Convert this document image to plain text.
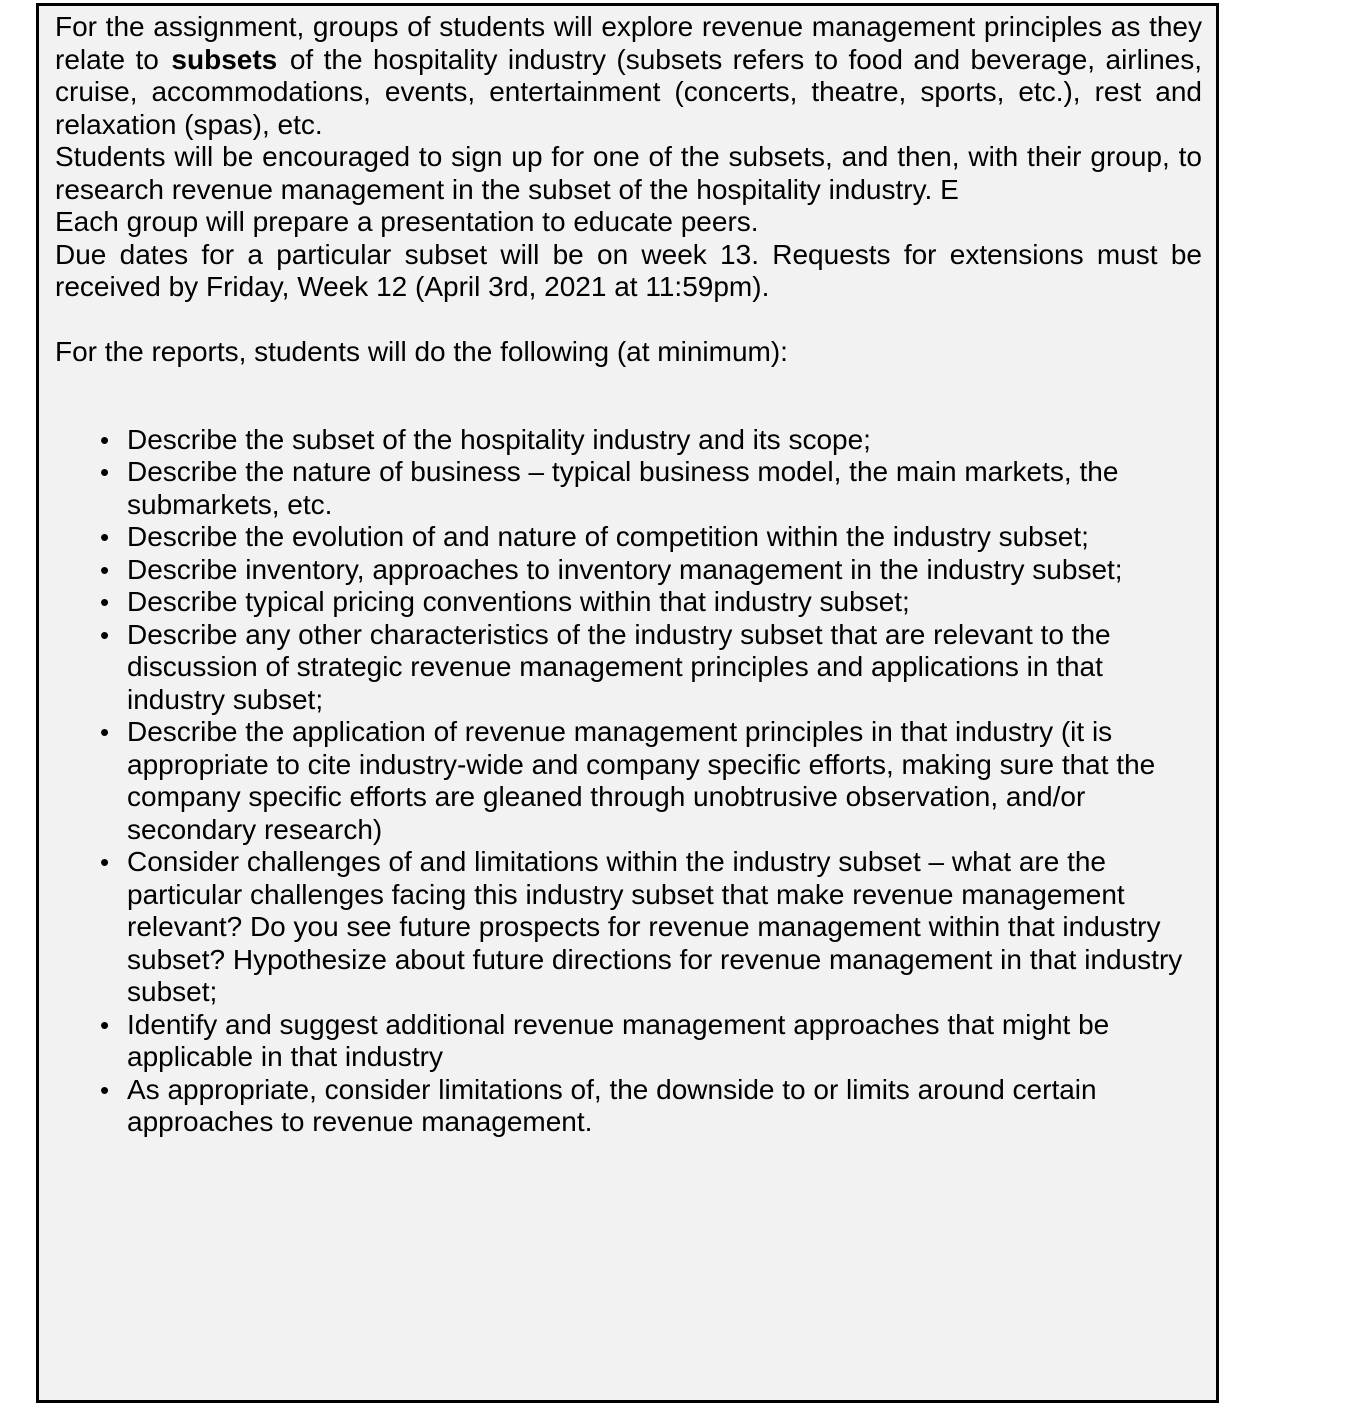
For the assignment, groups of students will explore revenue management principles as they relate to subsets of the hospitality industry (subsets refers to food and beverage, airlines, cruise, accommodations, events, entertainment (concerts, theatre, sports, etc.), rest and relaxation (spas), etc.

Students will be encouraged to sign up for one of the subsets, and then, with their group, to research revenue management in the subset of the hospitality industry. E

Each group will prepare a presentation to educate peers.

Due dates for a particular subset will be on week 13. Requests for extensions must be received by Friday, Week 12 (April 3rd, 2021 at 11:59pm).

For the reports, students will do the following (at minimum):

• Describe the subset of the hospitality industry and its scope;
• Describe the nature of business – typical business model, the main markets, the submarkets, etc.
• Describe the evolution of and nature of competition within the industry subset;
• Describe inventory, approaches to inventory management in the industry subset;
• Describe typical pricing conventions within that industry subset;
• Describe any other characteristics of the industry subset that are relevant to the discussion of strategic revenue management principles and applications in that industry subset;
• Describe the application of revenue management principles in that industry (it is appropriate to cite industry-wide and company specific efforts, making sure that the company specific efforts are gleaned through unobtrusive observation, and/or secondary research)
• Consider challenges of and limitations within the industry subset – what are the particular challenges facing this industry subset that make revenue management relevant? Do you see future prospects for revenue management within that industry subset? Hypothesize about future directions for revenue management in that industry subset;
• Identify and suggest additional revenue management approaches that might be applicable in that industry
• As appropriate, consider limitations of, the downside to or limits around certain approaches to revenue management.
